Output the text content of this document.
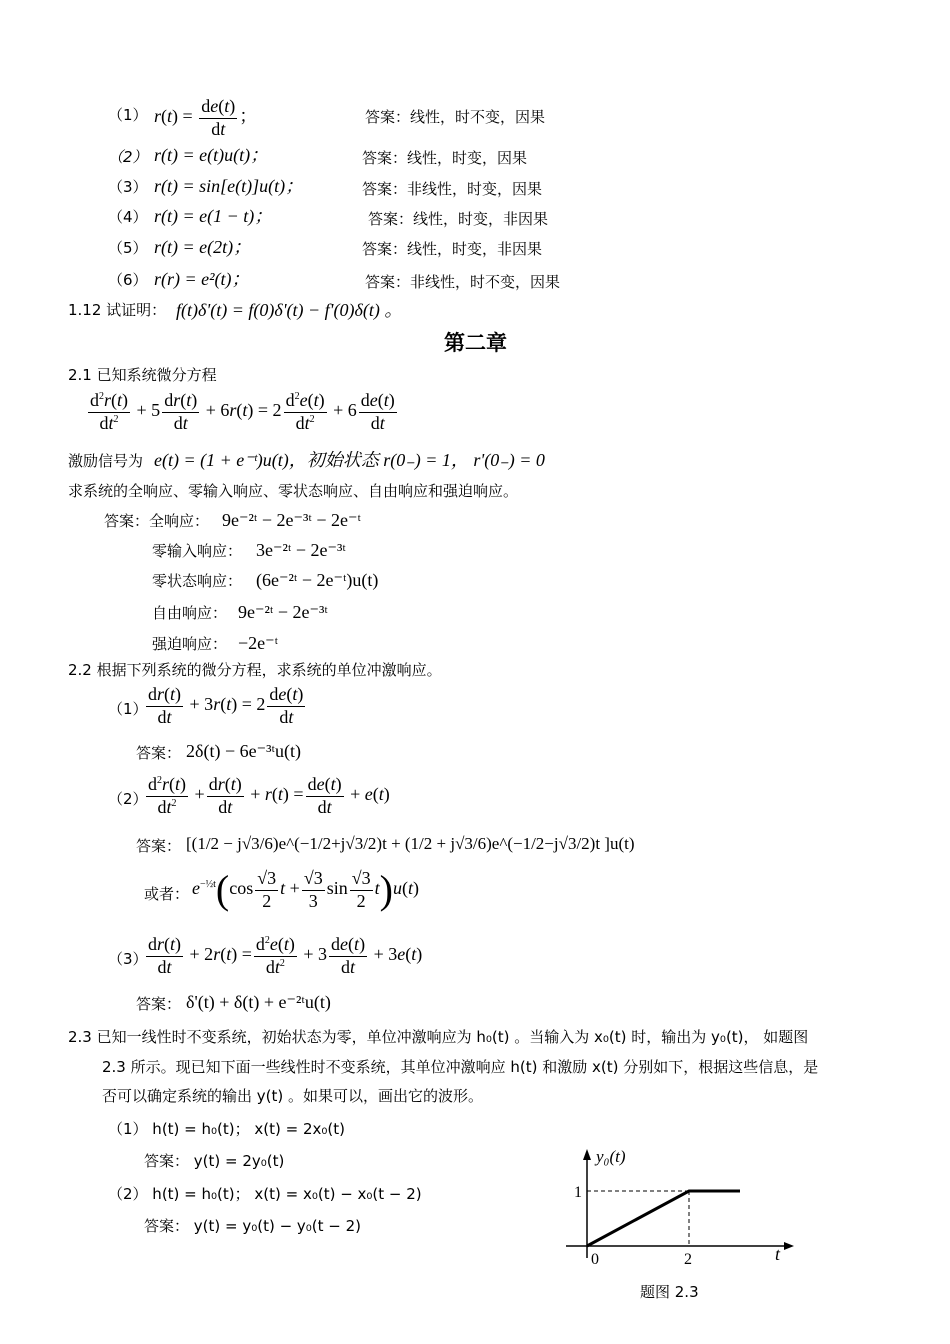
（1） $r(t) = \frac{de(t)}{dt}$ ；	答案：线性，时不变，因果
（2） r(t) = e(t)u(t)；	答案：线性，时变，因果
（3） r(t) = sin[e(t)]u(t)；	答案：非线性，时变，因果
（4） r(t) = e(1 − t)；	答案：线性，时变，非因果
（5） r(t) = e(2t)；	答案：线性，时变，非因果
（6） r(r) = e²(t)；	答案：非线性，时不变，因果
1.12 试证明： f(t)δ'(t) = f(0)δ'(t) − f'(0)δ(t) 。
第二章
2.1 已知系统微分方程
$\frac{d^2r(t)}{dt^2} + 5 \frac{dr(t)}{dt} + 6r(t) = 2 \frac{d^2e(t)}{dt^2} + 6 \frac{de(t)}{dt}$
激励信号为 e(t) = (1 + e⁻ᵗ)u(t)，初始状态 r(0₋) = 1， r'(0₋) = 0
求系统的全响应、零输入响应、零状态响应、自由响应和强迫响应。
答案：全响应： 9e⁻²ᵗ − 2e⁻³ᵗ − 2e⁻ᵗ
零输入响应： 3e⁻²ᵗ − 2e⁻³ᵗ
零状态响应： (6e⁻²ᵗ − 2e⁻ᵗ)u(t)
自由响应： 9e⁻²ᵗ − 2e⁻³ᵗ
强迫响应： −2e⁻ᵗ
2.2 根据下列系统的微分方程，求系统的单位冲激响应。
（1）
$\frac{dr(t)}{dt} + 3r(t) = 2 \frac{de(t)}{dt}$
答案： 2δ(t) − 6e⁻³ᵗu(t)
（2）
$\frac{d^2r(t)}{dt^2} + \frac{dr(t)}{dt} + r(t) = \frac{de(t)}{dt} + e(t)$
答案： [(1/2 − j√3/6)e^(−1/2+j√3/2)t + (1/2 + j√3/6)e^(−1/2−j√3/2)t ]u(t)
或者： $e^{-\frac{1}{2}t}(\cos \frac{√3}{2}$ $t + \frac{√3}{3}$ $\sin \frac{√3}{2} t)u(t)$
（3）
$\frac{dr(t)}{dt} + 2r(t) = \frac{d^2e(t)}{dt^2} + 3 \frac{de(t)}{dt} + 3e(t)$
答案： δ'(t) + δ(t) + e⁻²ᵗu(t)
2.3 已知一线性时不变系统，初始状态为零，单位冲激响应为 h₀(t) 。当输入为 x₀(t) 时，输出为 y₀(t)， 如题图
2.3 所示。现已知下面一些线性时不变系统，其单位冲激响应 h(t) 和激励 x(t) 分别如下，根据这些信息，是
否可以确定系统的输出 y(t) 。如果可以，画出它的波形。
（1） h(t) = h₀(t)； x(t) = 2x₀(t)
答案： y(t) = 2y₀(t)
（2） h(t) = h₀(t)； x(t) = x₀(t) − x₀(t − 2)
答案： y(t) = y₀(t) − y₀(t − 2)
y₀(t)
t
0	2
1
题图 2.3
